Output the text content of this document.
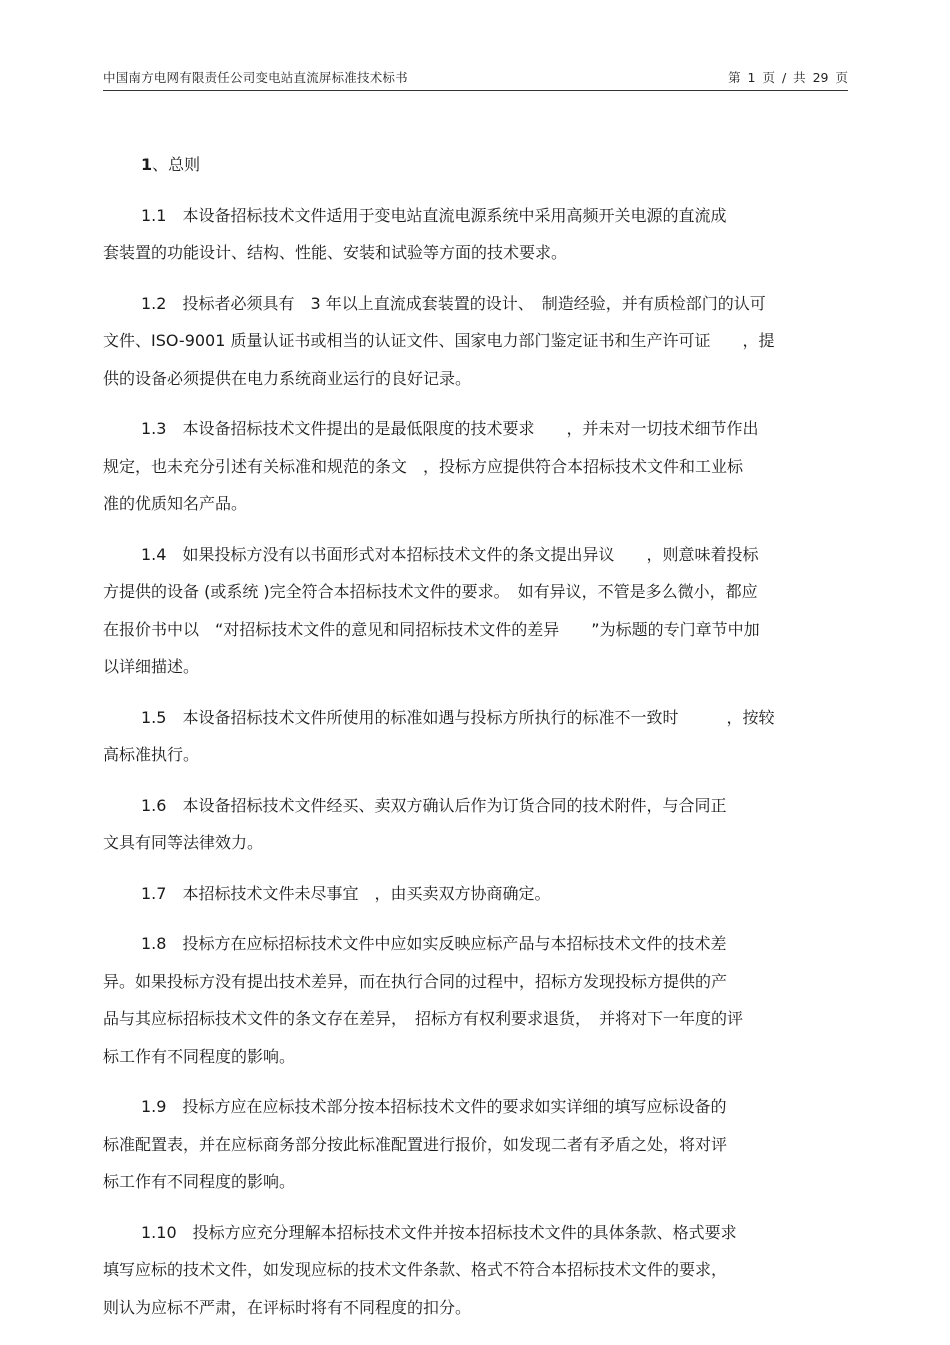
中国南方电网有限责任公司变电站直流屏标准技术标书	第 1 页 / 共 29 页
1、总则
1.1　本设备招标技术文件适用于变电站直流电源系统中采用高频开关电源的直流成
套装置的功能设计、结构、性能、安装和试验等方面的技术要求。
1.2　投标者必须具有　3 年以上直流成套装置的设计、　制造经验，并有质检部门的认可
文件、ISO-9001 质量认证书或相当的认证文件、国家电力部门鉴定证书和生产许可证　　，提
供的设备必须提供在电力系统商业运行的良好记录。
1.3　本设备招标技术文件提出的是最低限度的技术要求　　，并未对一切技术细节作出
规定，也未充分引述有关标准和规范的条文　，投标方应提供符合本招标技术文件和工业标
准的优质知名产品。
1.4　如果投标方没有以书面形式对本招标技术文件的条文提出异议　　，则意味着投标
方提供的设备 (或系统 )完全符合本招标技术文件的要求。　如有异议，不管是多么微小，都应
在报价书中以　“对招标技术文件的意见和同招标技术文件的差异　　”为标题的专门章节中加
以详细描述。
1.5　本设备招标技术文件所使用的标准如遇与投标方所执行的标准不一致时　　　，按较
高标准执行。
1.6　本设备招标技术文件经买、卖双方确认后作为订货合同的技术附件，与合同正
文具有同等法律效力。
1.7　本招标技术文件未尽事宜　，由买卖双方协商确定。
1.8　投标方在应标招标技术文件中应如实反映应标产品与本招标技术文件的技术差
异。如果投标方没有提出技术差异，而在执行合同的过程中，招标方发现投标方提供的产
品与其应标招标技术文件的条文存在差异，　招标方有权利要求退货，　并将对下一年度的评
标工作有不同程度的影响。
1.9　投标方应在应标技术部分按本招标技术文件的要求如实详细的填写应标设备的
标准配置表，并在应标商务部分按此标准配置进行报价，如发现二者有矛盾之处，将对评
标工作有不同程度的影响。
1.10　投标方应充分理解本招标技术文件并按本招标技术文件的具体条款、格式要求
填写应标的技术文件，如发现应标的技术文件条款、格式不符合本招标技术文件的要求，
则认为应标不严肃，在评标时将有不同程度的扣分。
